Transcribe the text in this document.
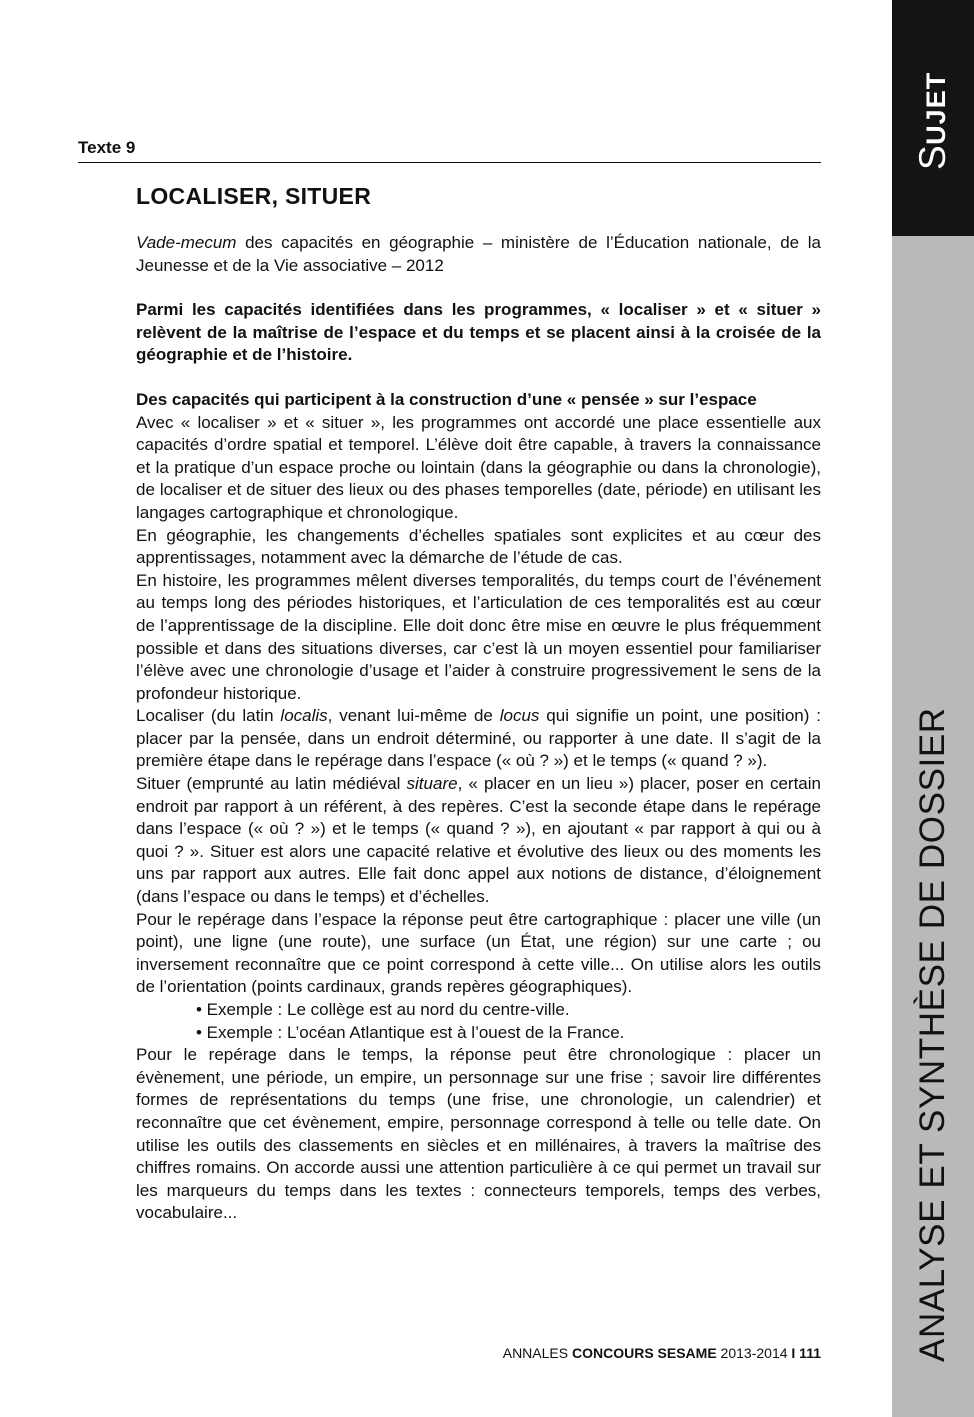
SUJET
ANALYSE ET SYNTHÈSE DE DOSSIER
Texte 9
LOCALISER, SITUER

Vade-mecum des capacités en géographie – ministère de l’Éducation nationale, de la Jeunesse et de la Vie associative – 2012

Parmi les capacités identifiées dans les programmes, « localiser » et « situer » relèvent de la maîtrise de l’espace et du temps et se placent ainsi à la croisée de la géographie et de l’histoire.

Des capacités qui participent à la construction d’une « pensée » sur l’espace

Avec « localiser » et « situer », les programmes ont accordé une place essentielle aux capacités d’ordre spatial et temporel. L’élève doit être capable, à travers la connaissance et la pratique d’un espace proche ou lointain (dans la géographie ou dans la chronologie), de localiser et de situer des lieux ou des phases temporelles (date, période) en utilisant les langages cartographique et chronologique.

En géographie, les changements d’échelles spatiales sont explicites et au cœur des apprentissages, notamment avec la démarche de l’étude de cas.

En histoire, les programmes mêlent diverses temporalités, du temps court de l’événement au temps long des périodes historiques, et l’articulation de ces temporalités est au cœur de l’apprentissage de la discipline. Elle doit donc être mise en œuvre le plus fréquemment possible et dans des situations diverses, car c’est là un moyen essentiel pour familiariser l’élève avec une chronologie d’usage et l’aider à construire progressivement le sens de la profondeur historique.

Localiser (du latin localis, venant lui-même de locus qui signifie un point, une position) : placer par la pensée, dans un endroit déterminé, ou rapporter à une date. Il s’agit de la première étape dans le repérage dans l’espace (« où ? ») et le temps (« quand ? »).

Situer (emprunté au latin médiéval situare, « placer en un lieu ») placer, poser en certain endroit par rapport à un référent, à des repères. C’est la seconde étape dans le repérage dans l’espace (« où ? ») et le temps (« quand ? »), en ajoutant « par rapport à qui ou à quoi ? ». Situer est alors une capacité relative et évolutive des lieux ou des moments les uns par rapport aux autres. Elle fait donc appel aux notions de distance, d’éloignement (dans l’espace ou dans le temps) et d’échelles.

Pour le repérage dans l’espace la réponse peut être cartographique : placer une ville (un point), une ligne (une route), une surface (un État, une région) sur une carte ; ou inversement reconnaître que ce point correspond à cette ville... On utilise alors les outils de l’orientation (points cardinaux, grands repères géographiques).

• Exemple : Le collège est au nord du centre-ville.

• Exemple : L’océan Atlantique est à l’ouest de la France.

Pour le repérage dans le temps, la réponse peut être chronologique : placer un évènement, une période, un empire, un personnage sur une frise ; savoir lire différentes formes de représentations du temps (une frise, une chronologie, un calendrier) et reconnaître que cet évènement, empire, personnage correspond à telle ou telle date. On utilise les outils des classements en siècles et en millénaires, à travers la maîtrise des chiffres romains. On accorde aussi une attention particulière à ce qui permet un travail sur les marqueurs du temps dans les textes : connecteurs temporels, temps des verbes, vocabulaire...

ANNALES CONCOURS SESAME 2013-2014 I 111
